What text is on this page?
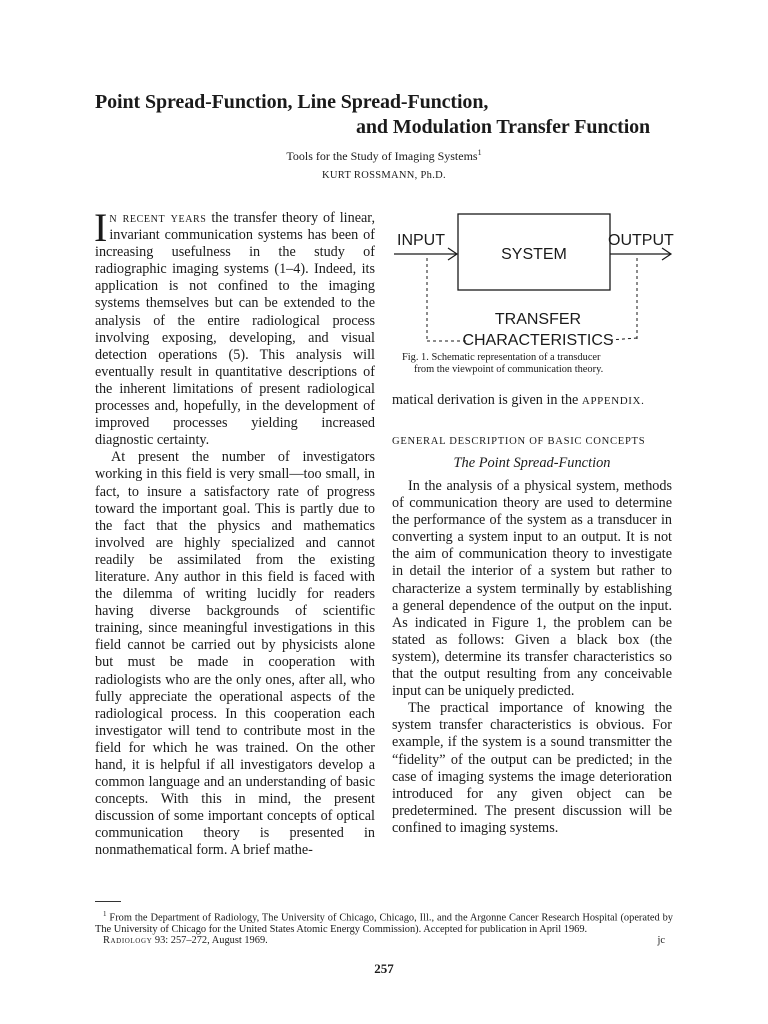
Point Spread-Function, Line Spread-Function,
and Modulation Transfer Function
Tools for the Study of Imaging Systems$^1$
KURT ROSSMANN, Ph.D.

In recent years the transfer theory of linear, invariant communication systems has been of increasing usefulness in the study of radiographic imaging systems (1–4). Indeed, its application is not confined to the imaging systems themselves but can be extended to the analysis of the entire radiological process involving exposing, developing, and visual detection operations (5). This analysis will eventually result in quantitative descriptions of the inherent limitations of present radiological processes and, hopefully, in the development of improved processes yielding increased diagnostic certainty.

At present the number of investigators working in this field is very small—too small, in fact, to insure a satisfactory rate of progress toward the important goal. This is partly due to the fact that the physics and mathematics involved are highly specialized and cannot readily be assimilated from the existing literature. Any author in this field is faced with the dilemma of writing lucidly for readers having diverse backgrounds of scientific training, since meaningful investigations in this field cannot be carried out by physicists alone but must be made in cooperation with radiologists who are the only ones, after all, who fully appreciate the operational aspects of the radiological process. In this cooperation each investigator will tend to contribute most in the field for which he was trained. On the other hand, it is helpful if all investigators develop a common language and an understanding of basic concepts. With this in mind, the present discussion of some important concepts of optical communication theory is presented in nonmathematical form. A brief mathe-

SYSTEM
INPUT	OUTPUT
TRANSFER
CHARACTERISTICS
Fig. 1. Schematic representation of a transducer
from the viewpoint of communication theory.

matical derivation is given in the APPENDIX.

GENERAL DESCRIPTION OF BASIC CONCEPTS
The Point Spread-Function

In the analysis of a physical system, methods of communication theory are used to determine the performance of the system as a transducer in converting a system input to an output. It is not the aim of communication theory to investigate in detail the interior of a system but rather to characterize a system terminally by establishing a general dependence of the output on the input. As indicated in Figure 1, the problem can be stated as follows: Given a black box (the system), determine its transfer characteristics so that the output resulting from any conceivable input can be uniquely predicted.

The practical importance of knowing the system transfer characteristics is obvious. For example, if the system is a sound transmitter the “fidelity” of the output can be predicted; in the case of imaging systems the image deterioration introduced for any given object can be predetermined. The present discussion will be confined to imaging systems.

$^1$ From the Department of Radiology, The University of Chicago, Chicago, Ill., and the Argonne Cancer Research Hospital (operated by The University of Chicago for the United States Atomic Energy Commission). Accepted for publication in April 1969.
Radiology 93: 257–272, August 1969.	jc
257
